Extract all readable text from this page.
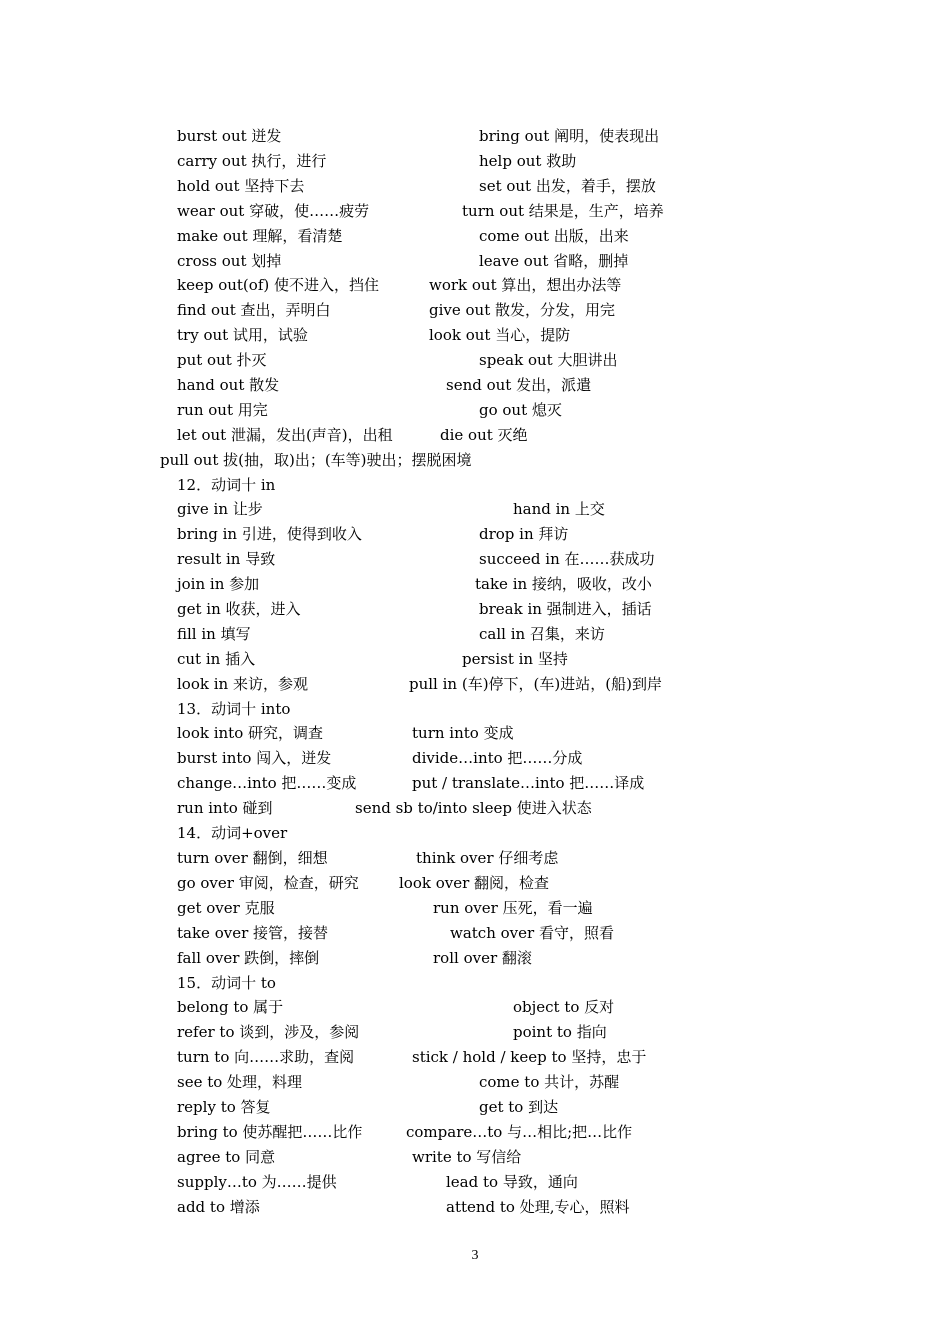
burst out 迸发	bring out 阐明，使表现出
carry out 执行，进行	help out 救助
hold out 坚持下去	set out 出发，着手，摆放
wear out 穿破，使……疲劳	turn out 结果是，生产，培养
make out 理解，看清楚	come out 出版，出来
cross out 划掉	leave out 省略，删掉
keep out(of) 使不进入，挡住	work out 算出，想出办法等
find out 查出，弄明白	give out 散发，分发，用完
try out 试用，试验	look out 当心，提防
put out 扑灭	speak out 大胆讲出
hand out 散发	send out 发出，派遣
run out 用完	go out 熄灭
let out 泄漏，发出(声音)，出租	die out 灭绝
pull out 拔(抽，取)出；(车等)驶出；摆脱困境
12．动词十 in
give in 让步	hand in 上交
bring in 引进，使得到收入	drop in 拜访
result in 导致	succeed in 在……获成功
join in 参加	take in 接纳，吸收，改小
get in 收获，进入	break in 强制进入，插话
fill in 填写	call in 召集，来访
cut in 插入	persist in 坚持
look in 来访，参观	pull in (车)停下，(车)进站，(船)到岸
13．动词十 into
look into 研究，调查	turn into 变成
burst into 闯入，迸发	divide…into 把……分成
change…into 把……变成	put / translate…into 把……译成
run into 碰到	send sb to/into sleep 使进入状态
14．动词+over
turn over 翻倒，细想	think over 仔细考虑
go over 审阅，检查，研究	look over 翻阅，检查
get over 克服	run over 压死，看一遍
take over 接管，接替	watch over 看守，照看
fall over 跌倒，摔倒	roll over 翻滚
15．动词十 to
belong to 属于	object to 反对
refer to 谈到，涉及，参阅	point to 指向
turn to 向……求助，查阅	stick / hold / keep to 坚持，忠于
see to 处理，料理	come to 共计，苏醒
reply to 答复	get to 到达
bring to 使苏醒把……比作	compare…to 与…相比;把…比作
agree to 同意	write to 写信给
supply…to 为……提供	lead to 导致，通向
add to 增添	attend to 处理,专心，照料
3
